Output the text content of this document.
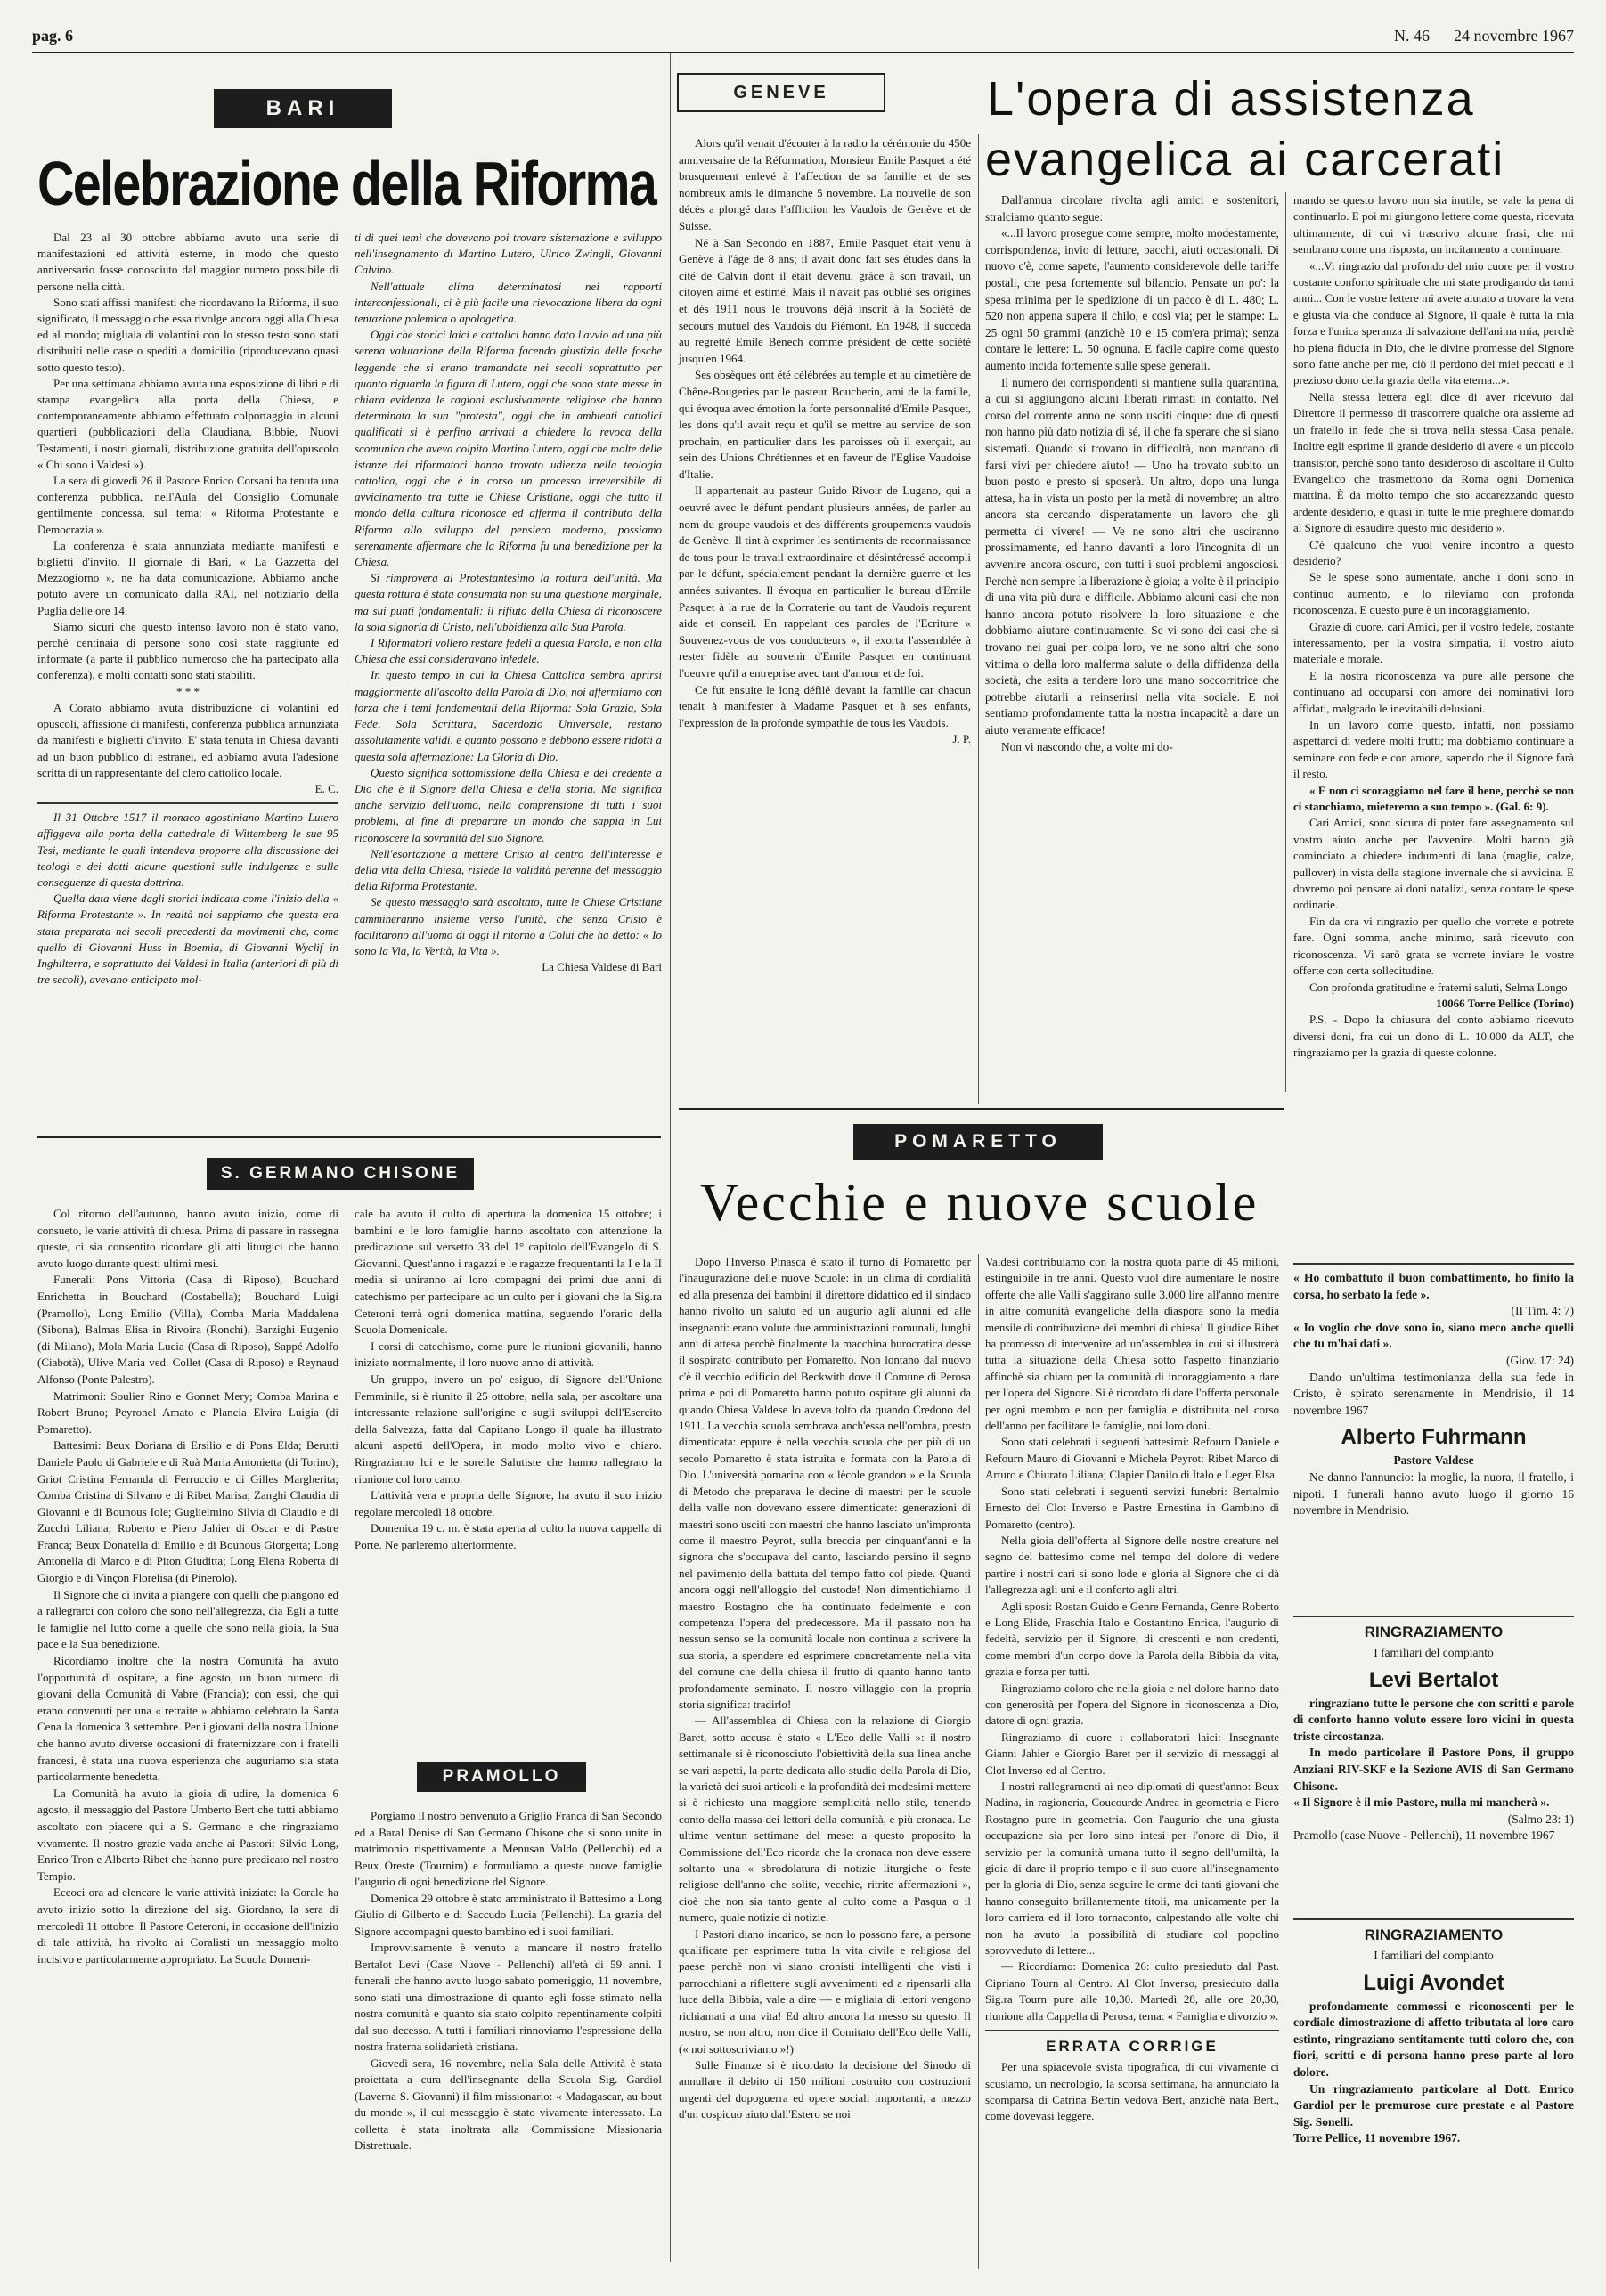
pag. 6	N. 46 — 24 novembre 1967
BARI
Celebrazione della Riforma

Dal 23 al 30 ottobre abbiamo avuto una serie di manifestazioni ed attività esterne, in modo che questo anniversario fosse conosciuto dal maggior numero possibile di persone nella città.

Sono stati affissi manifesti che ricordavano la Riforma, il suo significato, il messaggio che essa rivolge ancora oggi alla Chiesa ed al mondo; migliaia di volantini con lo stesso testo sono stati distribuiti nelle case o spediti a domicilio (riproducevano quasi sotto questo testo).

Per una settimana abbiamo avuta una esposizione di libri e di stampa evangelica alla porta della Chiesa, e contemporaneamente abbiamo effettuato colportaggio in alcuni quartieri (pubblicazioni della Claudiana, Bibbie, Nuovi Testamenti, i nostri giornali, distribuzione gratuita dell'opuscolo « Chi sono i Valdesi »).

La sera di giovedì 26 il Pastore Enrico Corsani ha tenuta una conferenza pubblica, nell'Aula del Consiglio Comunale gentilmente concessa, sul tema: « Riforma Protestante e Democrazia ».

La conferenza è stata annunziata mediante manifesti e biglietti d'invito. Il giornale di Bari, « La Gazzetta del Mezzogiorno », ne ha data comunicazione. Abbiamo anche potuto avere un comunicato dalla RAI, nel notiziario della Puglia delle ore 14.

Siamo sicuri che questo intenso lavoro non è stato vano, perchè centinaia di persone sono così state raggiunte ed informate (a parte il pubblico numeroso che ha partecipato alla conferenza), e molti contatti sono stati stabiliti.

* * *

A Corato abbiamo avuta distribuzione di volantini ed opuscoli, affissione di manifesti, conferenza pubblica annunziata da manifesti e biglietti d'invito. E' stata tenuta in Chiesa davanti ad un buon pubblico di estranei, ed abbiamo avuta l'adesione scritta di un rappresentante del clero cattolico locale.

E. C.

Il 31 Ottobre 1517 il monaco agostiniano Martino Lutero affiggeva alla porta della cattedrale di Wittemberg le sue 95 Tesi, mediante le quali intendeva proporre alla discussione dei teologi e dei dotti alcune questioni sulle indulgenze e sulle conseguenze di questa dottrina.

Quella data viene dagli storici indicata come l'inizio della « Riforma Protestante ». In realtà noi sappiamo che questa era stata preparata nei secoli precedenti da movimenti che, come quello di Giovanni Huss in Boemia, di Giovanni Wyclif in Inghilterra, e soprattutto dei Valdesi in Italia (anteriori di più di tre secoli), avevano anticipato mol-

ti di quei temi che dovevano poi trovare sistemazione e sviluppo nell'insegnamento di Martino Lutero, Ulrico Zwingli, Giovanni Calvino.

Nell'attuale clima determinatosi nei rapporti interconfessionali, ci è più facile una rievocazione libera da ogni tentazione polemica o apologetica.

Oggi che storici laici e cattolici hanno dato l'avvio ad una più serena valutazione della Riforma facendo giustizia delle fosche leggende che si erano tramandate nei secoli soprattutto per quanto riguarda la figura di Lutero, oggi che sono state messe in chiara evidenza le ragioni esclusivamente religiose che hanno determinata la sua "protesta", oggi che in ambienti cattolici qualificati si è perfino arrivati a chiedere la revoca della scomunica che aveva colpito Martino Lutero, oggi che molte delle istanze dei riformatori hanno trovato udienza nella teologia cattolica, oggi che è in corso un processo irreversibile di avvicinamento tra tutte le Chiese Cristiane, oggi che tutto il mondo della cultura riconosce ed afferma il contributo della Riforma allo sviluppo del pensiero moderno, possiamo serenamente affermare che la Riforma fu una benedizione per la Chiesa.

Si rimprovera al Protestantesimo la rottura dell'unità. Ma questa rottura è stata consumata non su una questione marginale, ma sui punti fondamentali: il rifiuto della Chiesa di riconoscere la sola signoria di Cristo, nell'ubbidienza alla Sua Parola.

I Riformatori vollero restare fedeli a questa Parola, e non alla Chiesa che essi consideravano infedele.

In questo tempo in cui la Chiesa Cattolica sembra aprirsi maggiormente all'ascolto della Parola di Dio, noi affermiamo con forza che i temi fondamentali della Riforma: Sola Grazia, Sola Fede, Sola Scrittura, Sacerdozio Universale, restano assolutamente validi, e quanto possono e debbono essere ridotti a questa sola affermazione: La Gloria di Dio.

Questo significa sottomissione della Chiesa e del credente a Dio che è il Signore della Chiesa e della storia. Ma significa anche servizio dell'uomo, nella comprensione di tutti i suoi problemi, al fine di preparare un mondo che sappia in Lui riconoscere la sovranità del suo Signore.

Nell'esortazione a mettere Cristo al centro dell'interesse e della vita della Chiesa, risiede la validità perenne del messaggio della Riforma Protestante.

Se questo messaggio sarà ascoltato, tutte le Chiese Cristiane cammineranno insieme verso l'unità, che senza Cristo è facilitarono all'uomo di oggi il ritorno a Colui che ha detto: « Io sono la Via, la Verità, la Vita ».

La Chiesa Valdese di Bari

S. GERMANO CHISONE

Col ritorno dell'autunno, hanno avuto inizio, come di consueto, le varie attività di chiesa. Prima di passare in rassegna queste, ci sia consentito ricordare gli atti liturgici che hanno avuto luogo durante questi ultimi mesi.

Funerali: Pons Vittoria (Casa di Riposo), Bouchard Enrichetta in Bouchard (Costabella); Bouchard Luigi (Pramollo), Long Emilio (Villa), Comba Maria Maddalena (Sibona), Balmas Elisa in Rivoira (Ronchi), Barzighi Eugenio (di Milano), Mola Maria Lucia (Casa di Riposo), Sappé Adolfo (Ciabotà), Ulive Maria ved. Collet (Casa di Riposo) e Reynaud Alfonso (Ponte Palestro).

Matrimoni: Soulier Rino e Gonnet Mery; Comba Marina e Robert Bruno; Peyronel Amato e Plancia Elvira Luigia (di Pomaretto).

Battesimi: Beux Doriana di Ersilio e di Pons Elda; Berutti Daniele Paolo di Gabriele e di Ruà Maria Antonietta (di Torino); Griot Cristina Fernanda di Ferruccio e di Gilles Margherita; Comba Cristina di Silvano e di Ribet Marisa; Zanghi Claudia di Giovanni e di Bounous Iole; Guglielmino Silvia di Claudio e di Zucchi Liliana; Roberto e Piero Jahier di Oscar e di Pastre Franca; Beux Donatella di Emilio e di Bounous Giorgetta; Long Antonella di Marco e di Piton Giuditta; Long Elena Roberta di Giorgio e di Vinçon Florelisa (di Pinerolo).

Il Signore che ci invita a piangere con quelli che piangono ed a rallegrarci con coloro che sono nell'allegrezza, dia Egli a tutte le famiglie nel lutto come a quelle che sono nella gioia, la Sua pace e la Sua benedizione.

Ricordiamo inoltre che la nostra Comunità ha avuto l'opportunità di ospitare, a fine agosto, un buon numero di giovani della Comunità di Vabre (Francia); con essi, che qui erano convenuti per una « retraite » abbiamo celebrato la Santa Cena la domenica 3 settembre. Per i giovani della nostra Unione che hanno avuto diverse occasioni di fraternizzare con i fratelli francesi, è stata una nuova esperienza che auguriamo sia stata particolarmente benedetta.

La Comunità ha avuto la gioia di udire, la domenica 6 agosto, il messaggio del Pastore Umberto Bert che tutti abbiamo ascoltato con piacere qui a S. Germano e che ringraziamo vivamente. Il nostro grazie vada anche ai Pastori: Silvio Long, Enrico Tron e Alberto Ribet che hanno pure predicato nel nostro Tempio.

Eccoci ora ad elencare le varie attività iniziate: la Corale ha avuto inizio sotto la direzione del sig. Giordano, la sera di mercoledì 11 ottobre. Il Pastore Ceteroni, in occasione dell'inizio di tale attività, ha rivolto ai Coralisti un messaggio molto incisivo e particolarmente appropriato. La Scuola Domeni-

cale ha avuto il culto di apertura la domenica 15 ottobre; i bambini e le loro famiglie hanno ascoltato con attenzione la predicazione sul versetto 33 del 1° capitolo dell'Evangelo di S. Giovanni. Quest'anno i ragazzi e le ragazze frequentanti la I e la II media si uniranno ai loro compagni dei primi due anni di catechismo per partecipare ad un culto per i giovani che la Sig.ra Ceteroni terrà ogni domenica mattina, seguendo l'orario della Scuola Domenicale.

I corsi di catechismo, come pure le riunioni giovanili, hanno iniziato normalmente, il loro nuovo anno di attività.

Un gruppo, invero un po' esiguo, di Signore dell'Unione Femminile, si è riunito il 25 ottobre, nella sala, per ascoltare una interessante relazione sull'origine e sugli sviluppi dell'Esercito della Salvezza, fatta dal Capitano Longo il quale ha illustrato alcuni aspetti dell'Opera, in modo molto vivo e chiaro. Ringraziamo lui e le sorelle Salutiste che hanno rallegrato la riunione col loro canto.

L'attività vera e propria delle Signore, ha avuto il suo inizio regolare mercoledì 18 ottobre.

Domenica 19 c. m. è stata aperta al culto la nuova cappella di Porte. Ne parleremo ulteriormente.

PRAMOLLO

Porgiamo il nostro benvenuto a Griglio Franca di San Secondo ed a Baral Denise di San Germano Chisone che si sono unite in matrimonio rispettivamente a Menusan Valdo (Pellenchi) ed a Beux Oreste (Tournim) e formuliamo a queste nuove famiglie l'augurio di ogni benedizione del Signore.

Domenica 29 ottobre è stato amministrato il Battesimo a Long Giulio di Gilberto e di Saccudo Lucia (Pellenchi). La grazia del Signore accompagni questo bambino ed i suoi familiari.

Improvvisamente è venuto a mancare il nostro fratello Bertalot Levi (Case Nuove - Pellenchi) all'età di 59 anni. I funerali che hanno avuto luogo sabato pomeriggio, 11 novembre, sono stati una dimostrazione di quanto egli fosse stimato nella nostra comunità e quanto sia stato colpito repentinamente colpiti dal suo decesso. A tutti i familiari rinnoviamo l'espressione della nostra fraterna solidarietà cristiana.

Giovedì sera, 16 novembre, nella Sala delle Attività è stata proiettata a cura dell'insegnante della Scuola Sig. Gardiol (Laverna S. Giovanni) il film missionario: « Madagascar, au bout du monde », il cui messaggio è stato vivamente interessato. La colletta è stata inoltrata alla Commissione Missionaria Distrettuale.

GENEVE

Alors qu'il venait d'écouter à la radio la cérémonie du 450e anniversaire de la Réformation, Monsieur Emile Pasquet a été brusquement enlevé à l'affection de sa famille et de ses nombreux amis le dimanche 5 novembre. La nouvelle de son décès a plongé dans l'affliction les Vaudois de Genève et de Suisse.

Né à San Secondo en 1887, Emile Pasquet était venu à Genève à l'âge de 8 ans; il avait donc fait ses études dans la cité de Calvin dont il était devenu, grâce à son travail, un citoyen aimé et estimé. Mais il n'avait pas oublié ses origines et dès 1911 nous le trouvons déjà inscrit à la Société de secours mutuel des Vaudois du Piémont. En 1948, il succéda au regretté Emile Benech comme président de cette société jusqu'en 1964.

Ses obsèques ont été célébrées au temple et au cimetière de Chêne-Bougeries par le pasteur Boucherin, ami de la famille, qui évoqua avec émotion la forte personnalité d'Emile Pasquet, les dons qu'il avait reçu et qu'il se mettre au service de son prochain, en particulier dans les paroisses où il exerçait, au sein des Unions Chrétiennes et en faveur de l'Eglise Vaudoise d'Italie.

Il appartenait au pasteur Guido Rivoir de Lugano, qui a oeuvré avec le défunt pendant plusieurs années, de parler au nom du groupe vaudois et des différents groupements vaudois de Genève. Il tint à exprimer les sentiments de reconnaissance de tous pour le travail extraordinaire et désintéressé accompli par le défunt, spécialement pendant la dernière guerre et les années suivantes. Il évoqua en particulier le bureau d'Emile Pasquet à la rue de la Corraterie ou tant de Vaudois reçurent aide et conseil. En rappelant ces paroles de l'Ecriture « Souvenez-vous de vos conducteurs », il exorta l'assemblée à rester fidèle au souvenir d'Emile Pasquet en continuant l'oeuvre qu'il a entreprise avec tant d'amour et de foi.

Ce fut ensuite le long défilé devant la famille car chacun tenait à manifester à Madame Pasquet et à ses enfants, l'expression de la profonde sympathie de tous les Vaudois.

J. P.

L'opera di assistenza
evangelica ai carcerati

Dall'annua circolare rivolta agli amici e sostenitori, stralciamo quanto segue:

«...Il lavoro prosegue come sempre, molto modestamente; corrispondenza, invio di letture, pacchi, aiuti occasionali. Di nuovo c'è, come sapete, l'aumento considerevole delle tariffe postali, che pesa fortemente sul bilancio. Pensate un po': la spesa minima per le spedizione di un pacco è di L. 480; L. 520 non appena supera il chilo, e così via; per le stampe: L. 25 ogni 50 grammi (anzichè 10 e 15 com'era prima); senza contare le lettere: L. 50 ognuna. E facile capire come questo aumento incida fortemente sulle spese generali.

Il numero dei corrispondenti si mantiene sulla quarantina, a cui si aggiungono alcuni liberati rimasti in contatto. Nel corso del corrente anno ne sono usciti cinque: due di questi non hanno più dato notizia di sé, il che fa sperare che si siano sistemati. Quando si trovano in difficoltà, non mancano di farsi vivi per chiedere aiuto! — Uno ha trovato subito un buon posto e presto si sposerà. Un altro, dopo una lunga attesa, ha in vista un posto per la metà di novembre; un altro ancora sta cercando disperatamente un lavoro che gli permetta di vivere! — Ve ne sono altri che usciranno prossimamente, ed hanno davanti a loro l'incognita di un avvenire ancora oscuro, con tutti i suoi problemi angosciosi. Perchè non sempre la liberazione è gioia; a volte è il principio di una vita più dura e difficile. Abbiamo alcuni casi che non hanno ancora potuto risolvere la loro situazione e che dobbiamo aiutare continuamente. Se vi sono dei casi che si trovano nei guai per colpa loro, ve ne sono altri che sono vittima o della loro malferma salute o della diffidenza della società, che esita a tendere loro una mano soccorritrice che potrebbe aiutarli a reinserirsi nella vita sociale. E noi sentiamo profondamente tutta la nostra incapacità a dare un aiuto veramente efficace!

Non vi nascondo che, a volte mi do-

mando se questo lavoro non sia inutile, se vale la pena di continuarlo. E poi mi giungono lettere come questa, ricevuta ultimamente, di cui vi trascrivo alcune frasi, che mi sembrano come una risposta, un incitamento a continuare.

«...Vi ringrazio dal profondo del mio cuore per il vostro costante conforto spirituale che mi state prodigando da tanti anni... Con le vostre lettere mi avete aiutato a trovare la vera e giusta via che conduce al Signore, il quale è tutta la mia forza e l'unica speranza di salvazione dell'anima mia, perchè ho piena fiducia in Dio, che le divine promesse del Signore sono fatte anche per me, ciò il perdono dei miei peccati e il prezioso dono della grazia della vita eterna...».

Nella stessa lettera egli dice di aver ricevuto dal Direttore il permesso di trascorrere qualche ora assieme ad un fratello in fede che si trova nella stessa Casa penale. Inoltre egli esprime il grande desiderio di avere « un piccolo transistor, perchè sono tanto desideroso di ascoltare il Culto Evangelico che trasmettono da Roma ogni Domenica mattina. È da molto tempo che sto accarezzando questo ardente desiderio, e quasi in tutte le mie preghiere domando al Signore di esaudire questo mio desiderio ».

C'è qualcuno che vuol venire incontro a questo desiderio?

Se le spese sono aumentate, anche i doni sono in continuo aumento, e lo rileviamo con profonda riconoscenza. E questo pure è un incoraggiamento.

Grazie di cuore, cari Amici, per il vostro fedele, costante interessamento, per la vostra simpatia, il vostro aiuto materiale e morale.

E la nostra riconoscenza va pure alle persone che continuano ad occuparsi con amore dei nominativi loro affidati, malgrado le inevitabili delusioni.

In un lavoro come questo, infatti, non possiamo aspettarci di vedere molti frutti; ma dobbiamo continuare a seminare con fede e con amore, sapendo che il Signore farà il resto.

« E non ci scoraggiamo nel fare il bene, perchè se non ci stanchiamo, mieteremo a suo tempo ». (Gal. 6: 9).

Cari Amici, sono sicura di poter fare assegnamento sul vostro aiuto anche per l'avvenire. Molti hanno già cominciato a chiedere indumenti di lana (maglie, calze, pullover) in vista della stagione invernale che si avvicina. E dovremo poi pensare ai doni natalizi, senza contare le spese ordinarie.

Fin da ora vi ringrazio per quello che vorrete e potrete fare. Ogni somma, anche minimo, sarà ricevuto con riconoscenza. Vi sarò grata se vorrete inviare le vostre offerte con certa sollecitudine.

Con profonda gratitudine e fraterni saluti, Selma Longo

10066 Torre Pellice (Torino)

P.S. - Dopo la chiusura del conto abbiamo ricevuto diversi doni, fra cui un dono di L. 10.000 da ALT, che ringraziamo per la grazia di queste colonne.

« Ho combattuto il buon combattimento, ho finito la corsa, ho serbato la fede ».

(II Tim. 4: 7)

« Io voglio che dove sono io, siano meco anche quelli che tu m'hai dati ».

(Giov. 17: 24)

Dando un'ultima testimonianza della sua fede in Cristo, è spirato serenamente in Mendrisio, il 14 novembre 1967

Alberto Fuhrmann

Pastore Valdese

Ne danno l'annuncio: la moglie, la nuora, il fratello, i nipoti. I funerali hanno avuto luogo il giorno 16 novembre in Mendrisio.

RINGRAZIAMENTO

I familiari del compianto

Levi Bertalot

ringraziano tutte le persone che con scritti e parole di conforto hanno voluto essere loro vicini in questa triste circostanza.

In modo particolare il Pastore Pons, il gruppo Anziani RIV-SKF e la Sezione AVIS di San Germano Chisone.

« Il Signore è il mio Pastore, nulla mi mancherà ».

(Salmo 23: 1)

Pramollo (case Nuove - Pellenchi), 11 novembre 1967

RINGRAZIAMENTO

I familiari del compianto

Luigi Avondet

profondamente commossi e riconoscenti per le cordiale dimostrazione di affetto tributata al loro caro estinto, ringraziano sentitamente tutti coloro che, con fiori, scritti e di persona hanno preso parte al loro dolore.

Un ringraziamento particolare al Dott. Enrico Gardiol per le premurose cure prestate e al Pastore Sig. Sonelli.

Torre Pellice, 11 novembre 1967.

POMARETTO
Vecchie e nuove scuole

Dopo l'Inverso Pinasca è stato il turno di Pomaretto per l'inaugurazione delle nuove Scuole: in un clima di cordialità ed alla presenza dei bambini il direttore didattico ed il sindaco hanno rivolto un saluto ed un augurio agli alunni ed alle insegnanti: erano volute due amministrazioni comunali, lunghi anni di attesa perchè finalmente la macchina burocratica desse il sospirato contributo per Pomaretto. Non lontano dal nuovo c'è il vecchio edificio del Beckwith dove il Comune di Perosa prima e poi di Pomaretto hanno potuto ospitare gli alunni da quando Chiesa Valdese lo aveva tolto da quando Credono del 1911. La vecchia scuola sembrava anch'essa nell'ombra, presto dimenticata: eppure è nella vecchia scuola che per più di un secolo Pomaretto è stata istruita e formata con la Parola di Dio. L'università pomarina con « lècole grandon » e la Scuola di Metodo che preparava le decine di maestri per le scuole della valle non dovevano essere dimenticate: generazioni di maestri sono usciti con maestri che hanno lasciato un'impronta come il maestro Peyrot, sulla breccia per cinquant'anni e la signora che s'occupava del canto, lasciando persino il segno nel pavimento della battuta del tempo fatto col piede. Quanti ancora oggi nell'alloggio del custode! Non dimentichiamo il maestro Rostagno che ha continuato fedelmente e con competenza l'opera del predecessore. Ma il passato non ha nessun senso se la comunità locale non continua a scrivere la sua storia, a spendere ed esprimere concretamente nella vita del comune che della chiesa il frutto di quanto hanno tanto profondamente seminato. Il nostro villaggio con la propria storia significa: tradirlo!

— All'assemblea di Chiesa con la relazione di Giorgio Baret, sotto accusa è stato « L'Eco delle Valli »: il nostro settimanale si è riconosciuto l'obiettività della sua linea anche se vari aspetti, la parte dedicata allo studio della Parola di Dio, la varietà dei suoi articoli e la profondità dei medesimi mettere si è richiesto una maggiore semplicità nello stile, tenendo conto della massa dei lettori della comunità, e più cronaca. Le ultime ventun settimane del mese: a questo proposito la Commissione dell'Eco ricorda che la cronaca non deve essere soltanto una « sbrodolatura di notizie liturgiche o feste religiose dell'anno che solite, vecchie, ritrite affermazioni », cioè che non sia tanto gente al culto come a Pasqua o il numero, quale notizie di notizie.

I Pastori diano incarico, se non lo possono fare, a persone qualificate per esprimere tutta la vita civile e religiosa del paese perchè non vi siano cronisti intelligenti che visti i parrocchiani a riflettere sugli avvenimenti ed a ripensarli alla luce della Bibbia, vale a dire — e migliaia di lettori vengono richiamati a una vita! Ed altro ancora ha messo su questo. Il nostro, se non altro, non dice il Comitato dell'Eco delle Valli, (« noi sottoscriviamo »!)

Sulle Finanze si è ricordato la decisione del Sinodo di annullare il debito di 150 milioni costruito con costruzioni urgenti del dopoguerra ed opere sociali importanti, a mezzo d'un cospicuo aiuto dall'Estero se noi

Valdesi contribuiamo con la nostra quota parte di 45 milioni, estinguibile in tre anni. Questo vuol dire aumentare le nostre offerte che alle Valli s'aggirano sulle 3.000 lire all'anno mentre in altre comunità evangeliche della diaspora sono la media mensile di contribuzione dei membri di chiesa! Il giudice Ribet ha promesso di intervenire ad un'assemblea in cui si illustrerà tutta la situazione della Chiesa sotto l'aspetto finanziario affinchè sia chiaro per la comunità di incoraggiamento a dare per l'opera del Signore. Si è ricordato di dare l'offerta personale per ogni membro e non per famiglia e distribuita nel corso dell'anno per facilitare le famiglie, noi loro doni.

Sono stati celebrati i seguenti battesimi: Refourn Daniele e Refourn Mauro di Giovanni e Michela Peyrot: Ribet Marco di Arturo e Chiurato Liliana; Clapier Danilo di Italo e Leger Elsa.

Sono stati celebrati i seguenti servizi funebri: Bertalmio Ernesto del Clot Inverso e Pastre Ernestina in Gambino di Pomaretto (centro).

Nella gioia dell'offerta al Signore delle nostre creature nel segno del battesimo come nel tempo del dolore di vedere partire i nostri cari si sono lode e gloria al Signore che ci dà l'allegrezza agli uni e il conforto agli altri.

Agli sposi: Rostan Guido e Genre Fernanda, Genre Roberto e Long Elide, Fraschia Italo e Costantino Enrica, l'augurio di fedeltà, servizio per il Signore, di crescenti e non credenti, come membri d'un corpo dove la Parola della Bibbia da vita, grazia e forza per tutti.

Ringraziamo coloro che nella gioia e nel dolore hanno dato con generosità per l'opera del Signore in riconoscenza a Dio, datore di ogni grazia.

Ringraziamo di cuore i collaboratori laici: Insegnante Gianni Jahier e Giorgio Baret per il servizio di messaggi al Clot Inverso ed al Centro.

I nostri rallegramenti ai neo diplomati di quest'anno: Beux Nadina, in ragioneria, Coucourde Andrea in geometria e Piero Rostagno pure in geometria. Con l'augurio che una giusta occupazione sia per loro sino intesi per l'onore di Dio, il servizio per la comunità umana tutto il segno dell'umiltà, la gioia di dare il proprio tempo e il suo cuore all'insegnamento per la gloria di Dio, senza seguire le orme dei tanti giovani che hanno conseguito brillantemente titoli, ma unicamente per la loro carriera ed il loro tornaconto, calpestando alle volte chi non ha avuto la possibilità di studiare col popolino sprovveduto di lettere...

— Ricordiamo: Domenica 26: culto presieduto dal Past. Cipriano Tourn al Centro. Al Clot Inverso, presieduto dalla Sig.ra Tourn pure alle 10,30. Martedì 28, alle ore 20,30, riunione alla Cappella di Perosa, tema: « Famiglia e divorzio ».

ERRATA CORRIGE

Per una spiacevole svista tipografica, di cui vivamente ci scusiamo, un necrologio, la scorsa settimana, ha annunciato la scomparsa di Catrina Bertin vedova Bert, anzichè nata Bert., come dovevasi leggere.
